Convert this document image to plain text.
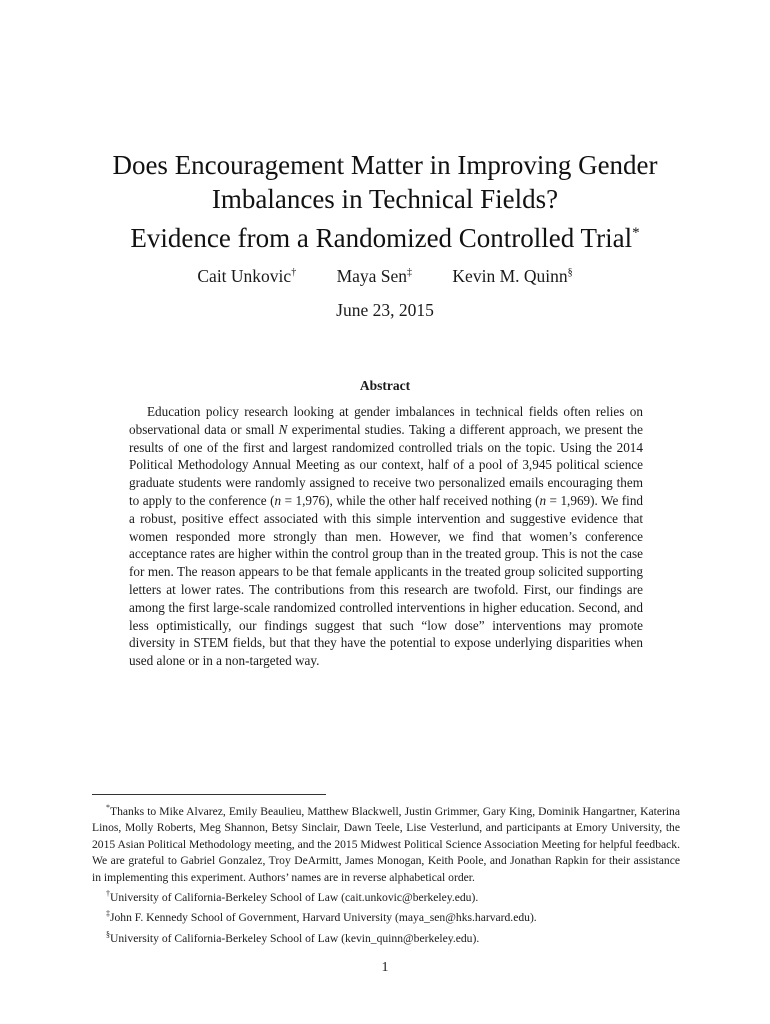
Does Encouragement Matter in Improving Gender
Imbalances in Technical Fields?
Evidence from a Randomized Controlled Trial*
Cait Unkovic† Maya Sen‡ Kevin M. Quinn§
June 23, 2015
Abstract
Education policy research looking at gender imbalances in technical fields often relies on observational data or small N experimental studies. Taking a different approach, we present the results of one of the first and largest randomized controlled trials on the topic. Using the 2014 Political Methodology Annual Meeting as our context, half of a pool of 3,945 political science graduate students were randomly assigned to receive two personalized emails encouraging them to apply to the conference (n = 1,976), while the other half received nothing (n = 1,969). We find a robust, positive effect associated with this simple intervention and suggestive evidence that women responded more strongly than men. However, we find that women’s conference acceptance rates are higher within the control group than in the treated group. This is not the case for men. The reason appears to be that female applicants in the treated group solicited supporting letters at lower rates. The contributions from this research are twofold. First, our findings are among the first large-scale randomized controlled interventions in higher education. Second, and less optimistically, our findings suggest that such “low dose” interventions may promote diversity in STEM fields, but that they have the potential to expose underlying disparities when used alone or in a non-targeted way.

*Thanks to Mike Alvarez, Emily Beaulieu, Matthew Blackwell, Justin Grimmer, Gary King, Dominik Hangartner, Katerina Linos, Molly Roberts, Meg Shannon, Betsy Sinclair, Dawn Teele, Lise Vesterlund, and participants at Emory University, the 2015 Asian Political Methodology meeting, and the 2015 Midwest Political Science Association Meeting for helpful feedback. We are grateful to Gabriel Gonzalez, Troy DeArmitt, James Monogan, Keith Poole, and Jonathan Rapkin for their assistance in implementing this experiment. Authors’ names are in reverse alphabetical order.

†University of California-Berkeley School of Law (cait.unkovic@berkeley.edu).

‡John F. Kennedy School of Government, Harvard University (maya_sen@hks.harvard.edu).

§University of California-Berkeley School of Law (kevin_quinn@berkeley.edu).

1
